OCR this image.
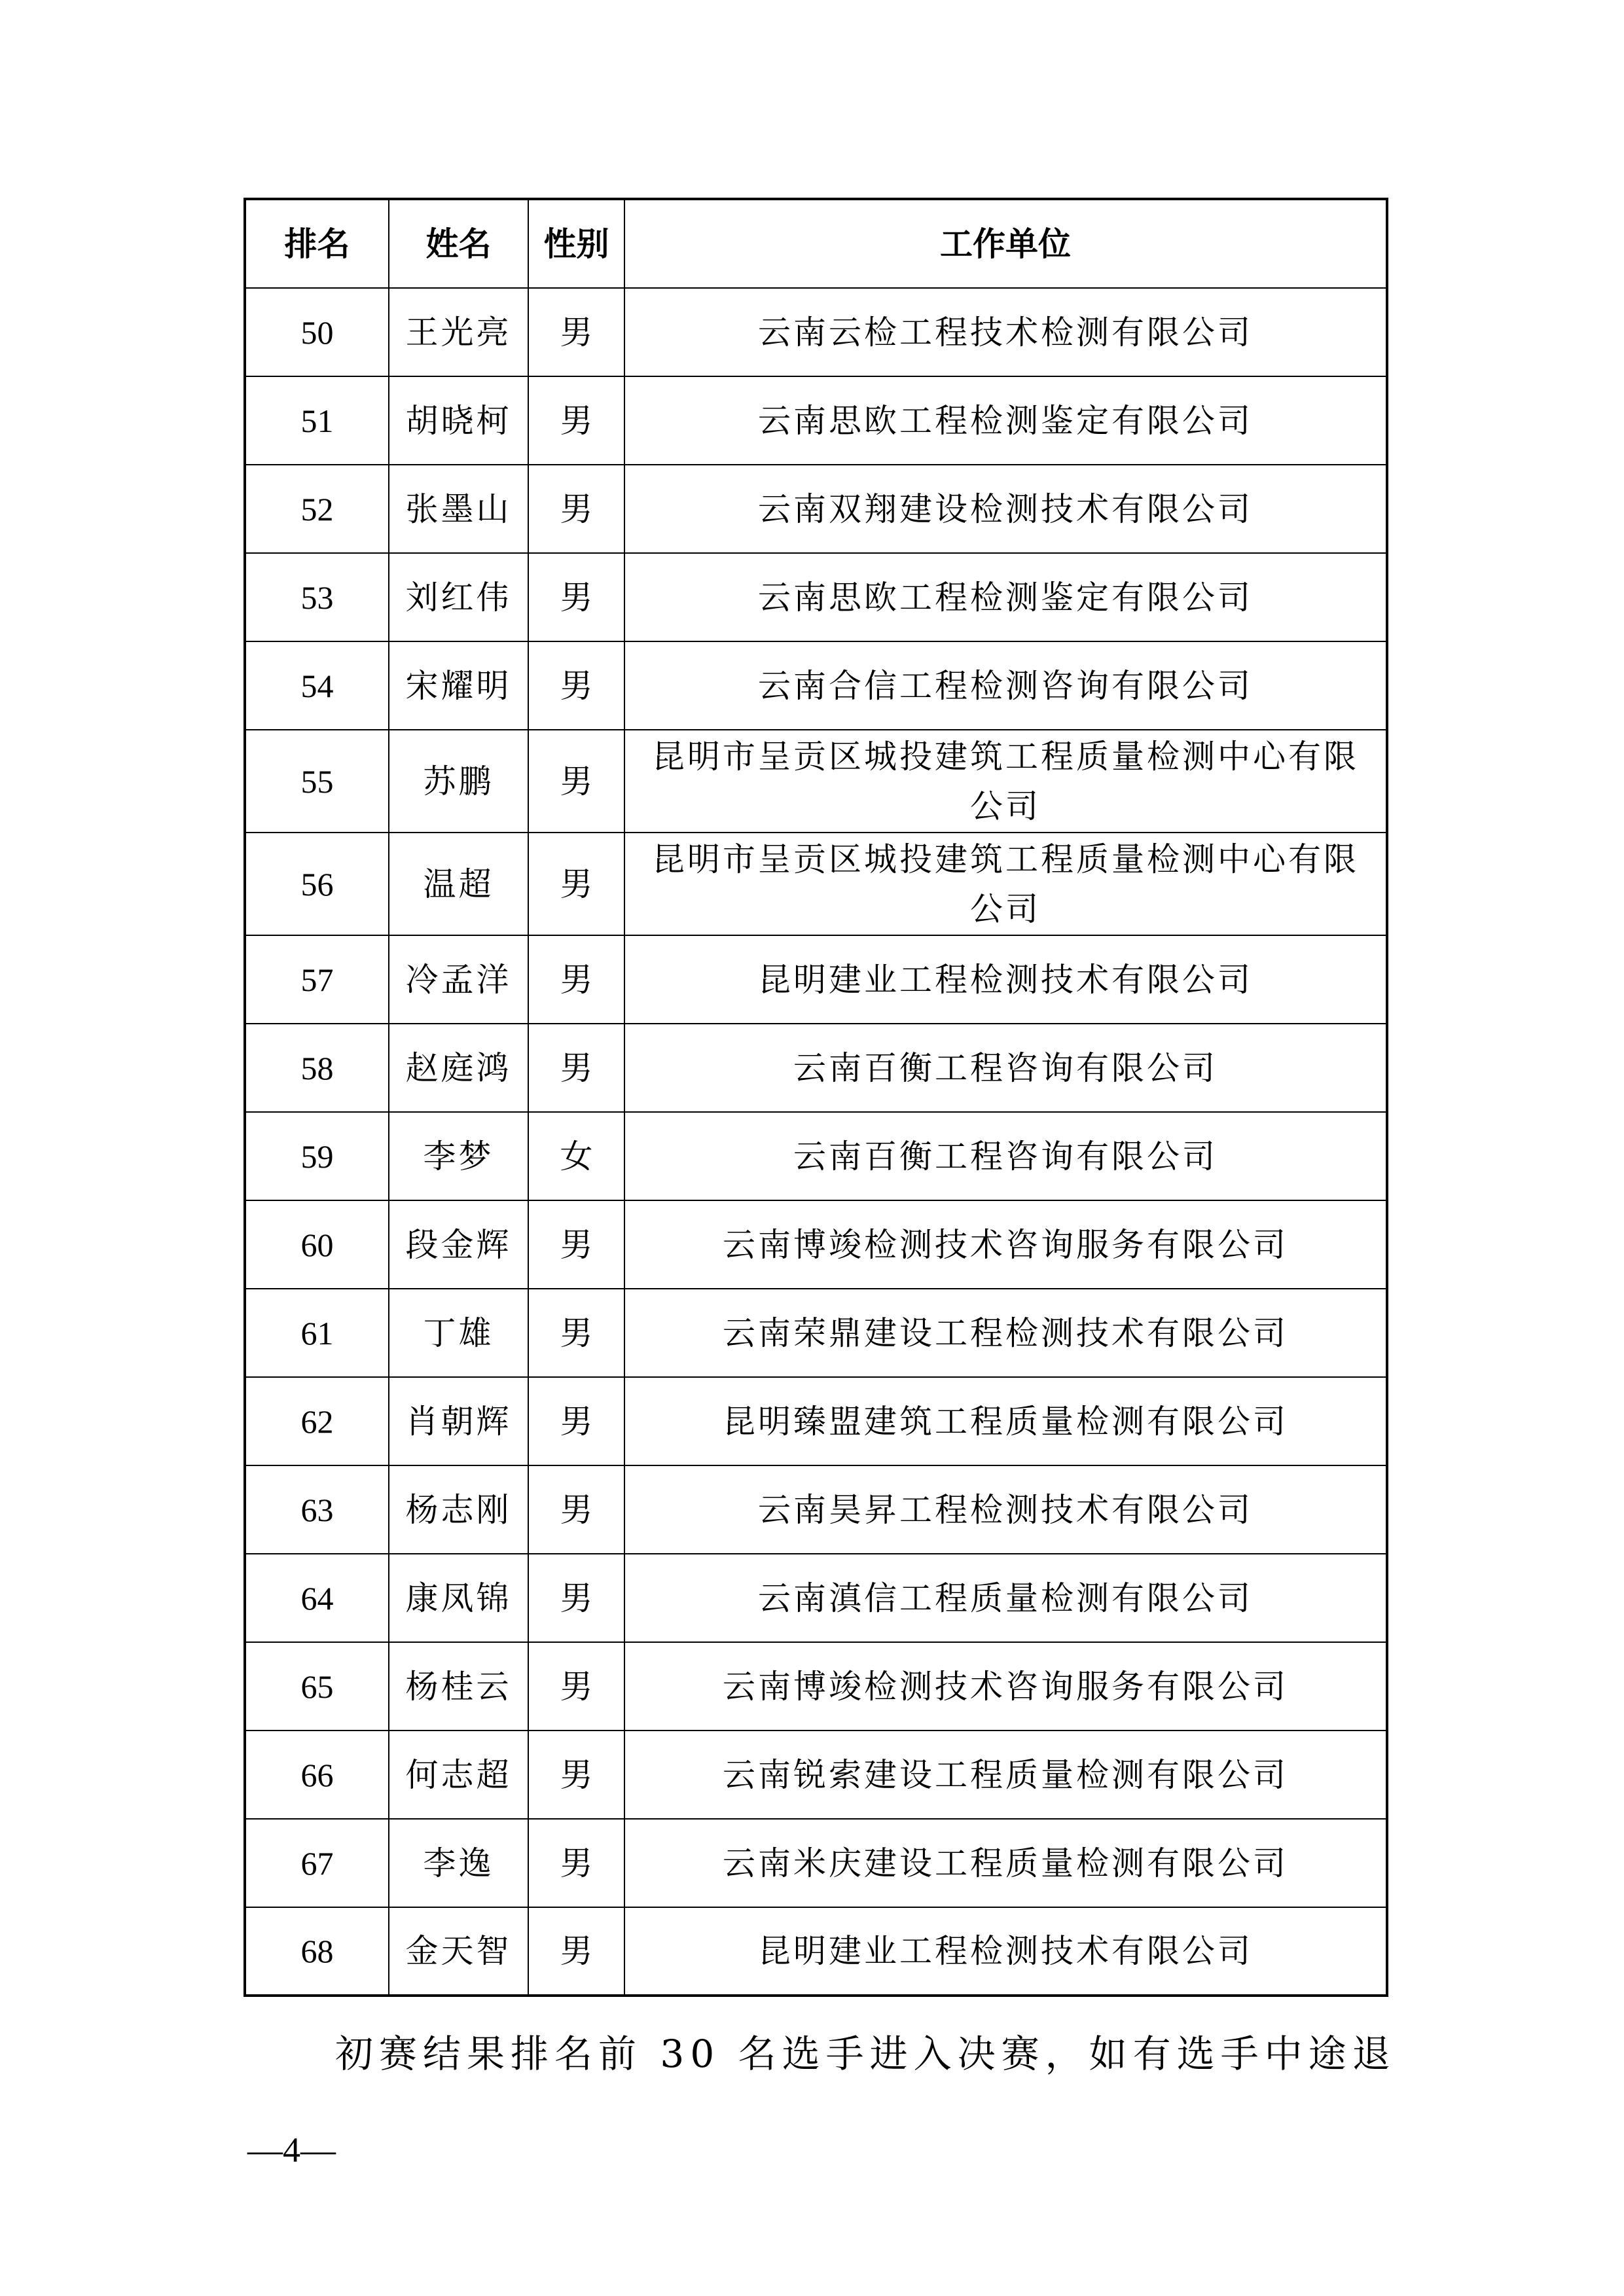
排名	姓名	性别	工作单位
50	王光亮	男	云南云检工程技术检测有限公司
51	胡晓柯	男	云南思欧工程检测鉴定有限公司
52	张墨山	男	云南双翔建设检测技术有限公司
53	刘红伟	男	云南思欧工程检测鉴定有限公司
54	宋耀明	男	云南合信工程检测咨询有限公司
55	苏鹏	男	昆明市呈贡区城投建筑工程质量检测中心有限公司
56	温超	男	昆明市呈贡区城投建筑工程质量检测中心有限公司
57	冷孟洋	男	昆明建业工程检测技术有限公司
58	赵庭鸿	男	云南百衡工程咨询有限公司
59	李梦	女	云南百衡工程咨询有限公司
60	段金辉	男	云南博竣检测技术咨询服务有限公司
61	丁雄	男	云南荣鼎建设工程检测技术有限公司
62	肖朝辉	男	昆明臻盟建筑工程质量检测有限公司
63	杨志刚	男	云南昊昇工程检测技术有限公司
64	康凤锦	男	云南滇信工程质量检测有限公司
65	杨桂云	男	云南博竣检测技术咨询服务有限公司
66	何志超	男	云南锐索建设工程质量检测有限公司
67	李逸	男	云南米庆建设工程质量检测有限公司
68	金天智	男	昆明建业工程检测技术有限公司
初赛结果排名前 30 名选手进入决赛，如有选手中途退
—4—
